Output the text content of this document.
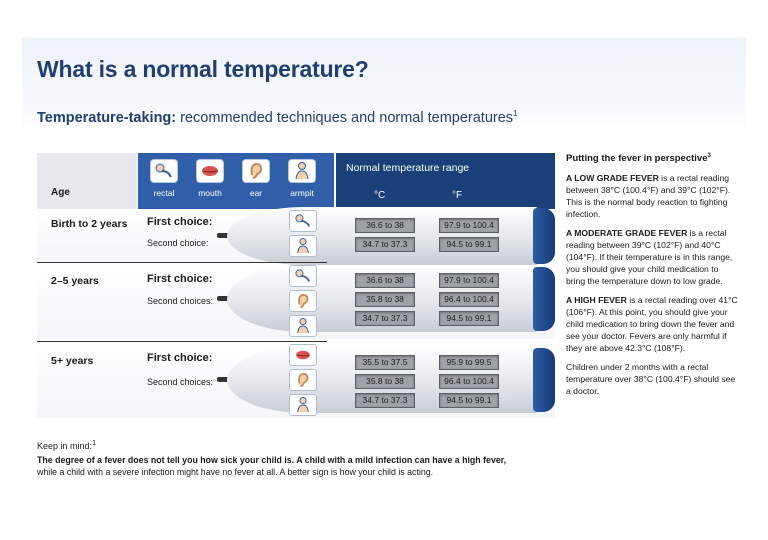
What is a normal temperature?
Temperature-taking: recommended techniques and normal temperatures$^1$
Age	rectal	mouth	ear	armpit
Normal temperature range
°C	°F
Birth to 2 years First choice:
Second choice:
36.6 to 38	97.9 to 100.4
34.7 to 37.3	94.5 to 99.1
2–5 years	First choice:
Second choices:
36.6 to 38	97.9 to 100.4
35.8 to 38	96.4 to 100.4
34.7 to 37.3	94.5 to 99.1
5+ years	First choice:
Second choices:
35.5 to 37.5	95.9 to 99.5
35.8 to 38	96.4 to 100.4
34.7 to 37.3	94.5 to 99.1
Putting the fever in perspective$^3$

A LOW GRADE FEVER is a rectal reading between 38°C (100.4°F) and 39°C (102°F). This is the normal body reaction to fighting infection.

A MODERATE GRADE FEVER is a rectal reading between 39°C (102°F) and 40°C (104°F). If their temperature is in this range, you should give your child medication to bring the temperature down to low grade.

A HIGH FEVER is a rectal reading over 41°C (106°F). At this point, you should give your child medication to bring down the fever and see your doctor. Fevers are only harmful if they are above 42.3°C (108°F).

Children under 2 months with a rectal temperature over 38°C (100.4°F) should see a doctor.

Keep in mind:$^1$
The degree of a fever does not tell you how sick your child is. A child with a mild infection can have a high fever,
while a child with a severe infection might have no fever at all. A better sign is how your child is acting.
